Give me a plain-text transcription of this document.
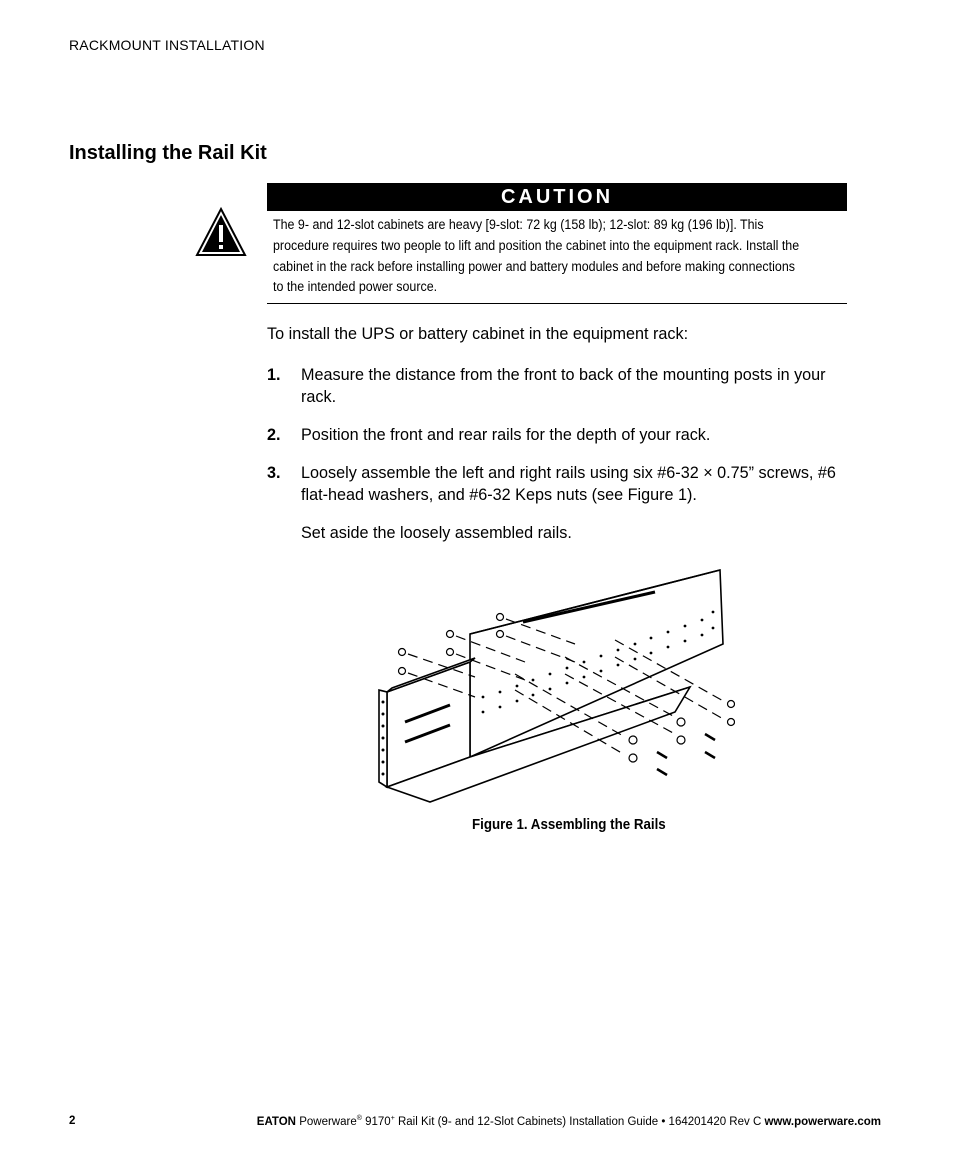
RACKMOUNT INSTALLATION
Installing the Rail Kit
CAUTION
The 9- and 12-slot cabinets are heavy [9-slot: 72 kg (158 lb); 12-slot: 89 kg (196 lb)]. This procedure requires two people to lift and position the cabinet into the equipment rack. Install the cabinet in the rack before installing power and battery modules and before making connections to the intended power source.
To install the UPS or battery cabinet in the equipment rack:
1. Measure the distance from the front to back of the mounting posts in your rack.
2. Position the front and rear rails for the depth of your rack.
3. Loosely assemble the left and right rails using six #6-32 × 0.75” screws, #6 flat-head washers, and #6-32 Keps nuts (see Figure 1).
Set aside the loosely assembled rails.
Figure 1. Assembling the Rails
2	EATON Powerware® 9170+ Rail Kit (9- and 12-Slot Cabinets) Installation Guide • 164201420 Rev C www.powerware.com
